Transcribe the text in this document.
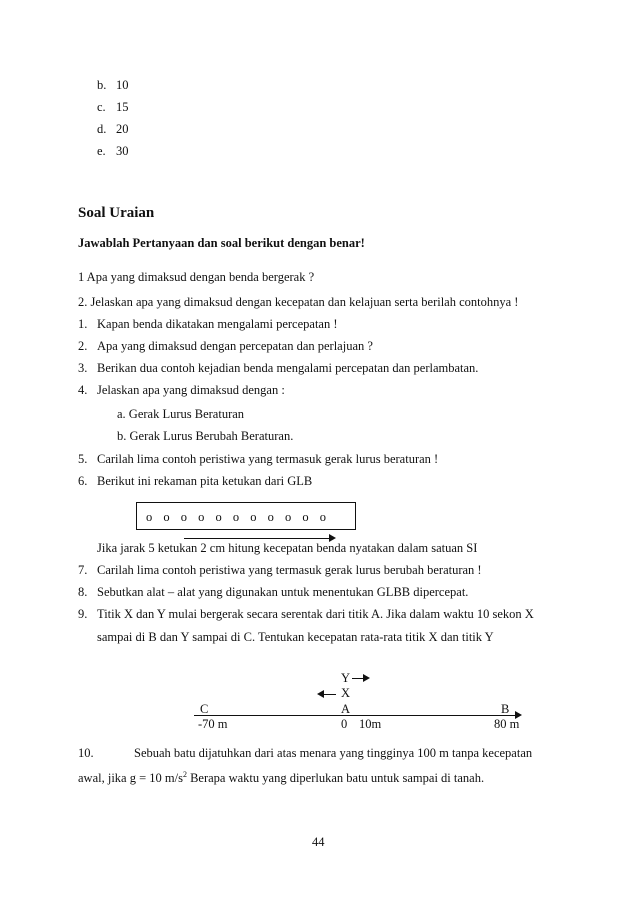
b. 10
c. 15
d. 20
e. 30
Soal Uraian
Jawablah Pertanyaan dan soal berikut dengan benar!
1 Apa yang dimaksud dengan benda bergerak ?
2. Jelaskan apa yang dimaksud dengan kecepatan dan kelajuan serta berilah contohnya !
1. Kapan benda dikatakan mengalami percepatan !
2. Apa yang dimaksud dengan percepatan dan perlajuan ?
3. Berikan dua contoh kejadian benda mengalami percepatan dan perlambatan.
4. Jelaskan apa yang dimaksud dengan :
a. Gerak Lurus Beraturan
b. Gerak Lurus Berubah Beraturan.
5. Carilah lima contoh peristiwa yang termasuk gerak lurus beraturan !
6. Berikut ini rekaman pita ketukan dari GLB
o o o o o o o o o o o
Jika jarak 5 ketukan 2 cm hitung kecepatan benda nyatakan dalam satuan SI
7. Carilah lima contoh peristiwa yang termasuk gerak lurus berubah beraturan !
8. Sebutkan alat – alat yang digunakan untuk menentukan GLBB dipercepat.
9. Titik X dan Y mulai bergerak secara serentak dari titik A. Jika dalam waktu 10 sekon X
sampai di B dan Y sampai di C. Tentukan kecepatan rata-rata titik X dan titik Y
Y
X
C	A	B
-70 m	0 10m	80 m
10.	Sebuah batu dijatuhkan dari atas menara yang tingginya 100 m tanpa kecepatan
awal, jika g = 10 $m/s^2$ Berapa waktu yang diperlukan batu untuk sampai di tanah.
44
